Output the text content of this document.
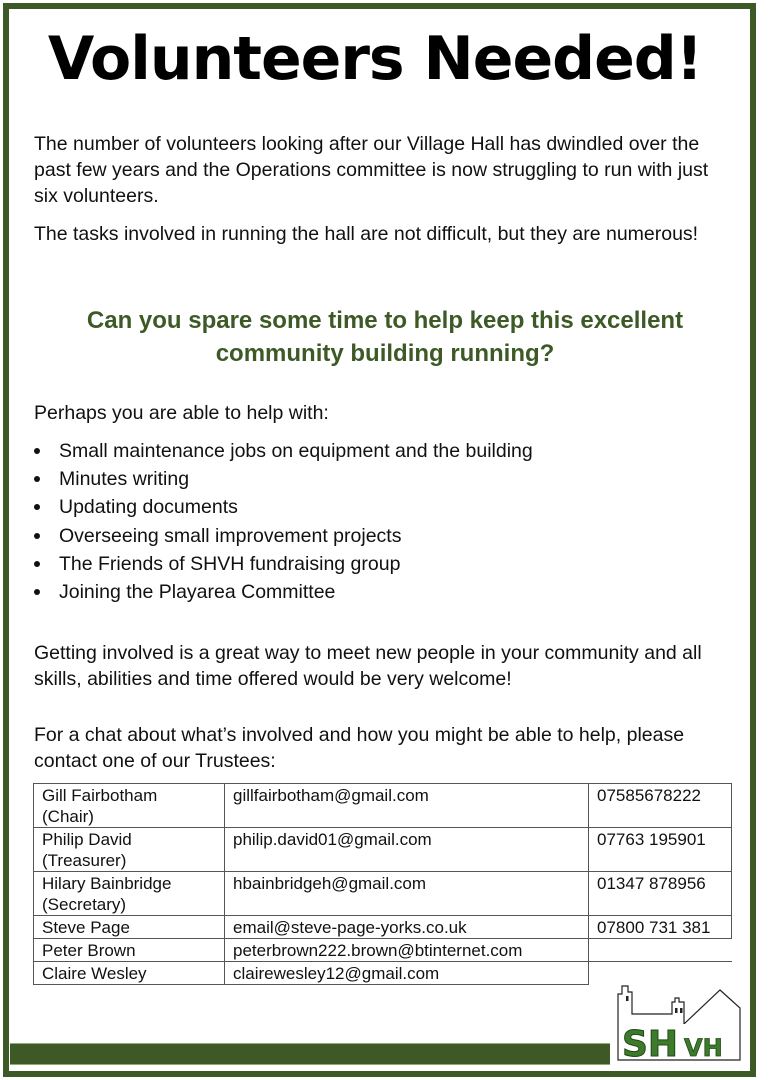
Volunteers Needed!
The number of volunteers looking after our Village Hall has dwindled over the past few years and the Operations committee is now struggling to run with just six volunteers.
The tasks involved in running the hall are not difficult, but they are numerous!
Can you spare some time to help keep this excellent community building running?
Perhaps you are able to help with:
Small maintenance jobs on equipment and the building
Minutes writing
Updating documents
Overseeing small improvement projects
The Friends of SHVH fundraising group
Joining the Playarea Committee
Getting involved is a great way to meet new people in your community and all skills, abilities and time offered would be very welcome!
For a chat about what’s involved and how you might be able to help, please contact one of our Trustees:
Gill Fairbotham
(Chair)	gillfairbotham@gmail.com	07585678222

Philip David
(Treasurer)	philip.david01@gmail.com	07763 195901

Hilary Bainbridge
(Secretary)	hbainbridgeh@gmail.com	01347 878956
Steve Page	email@steve-page-yorks.co.uk	07800 731 381
Peter Brown	peterbrown222.brown@btinternet.com	
Claire Wesley	clairewesley12@gmail.com	
SH VH
